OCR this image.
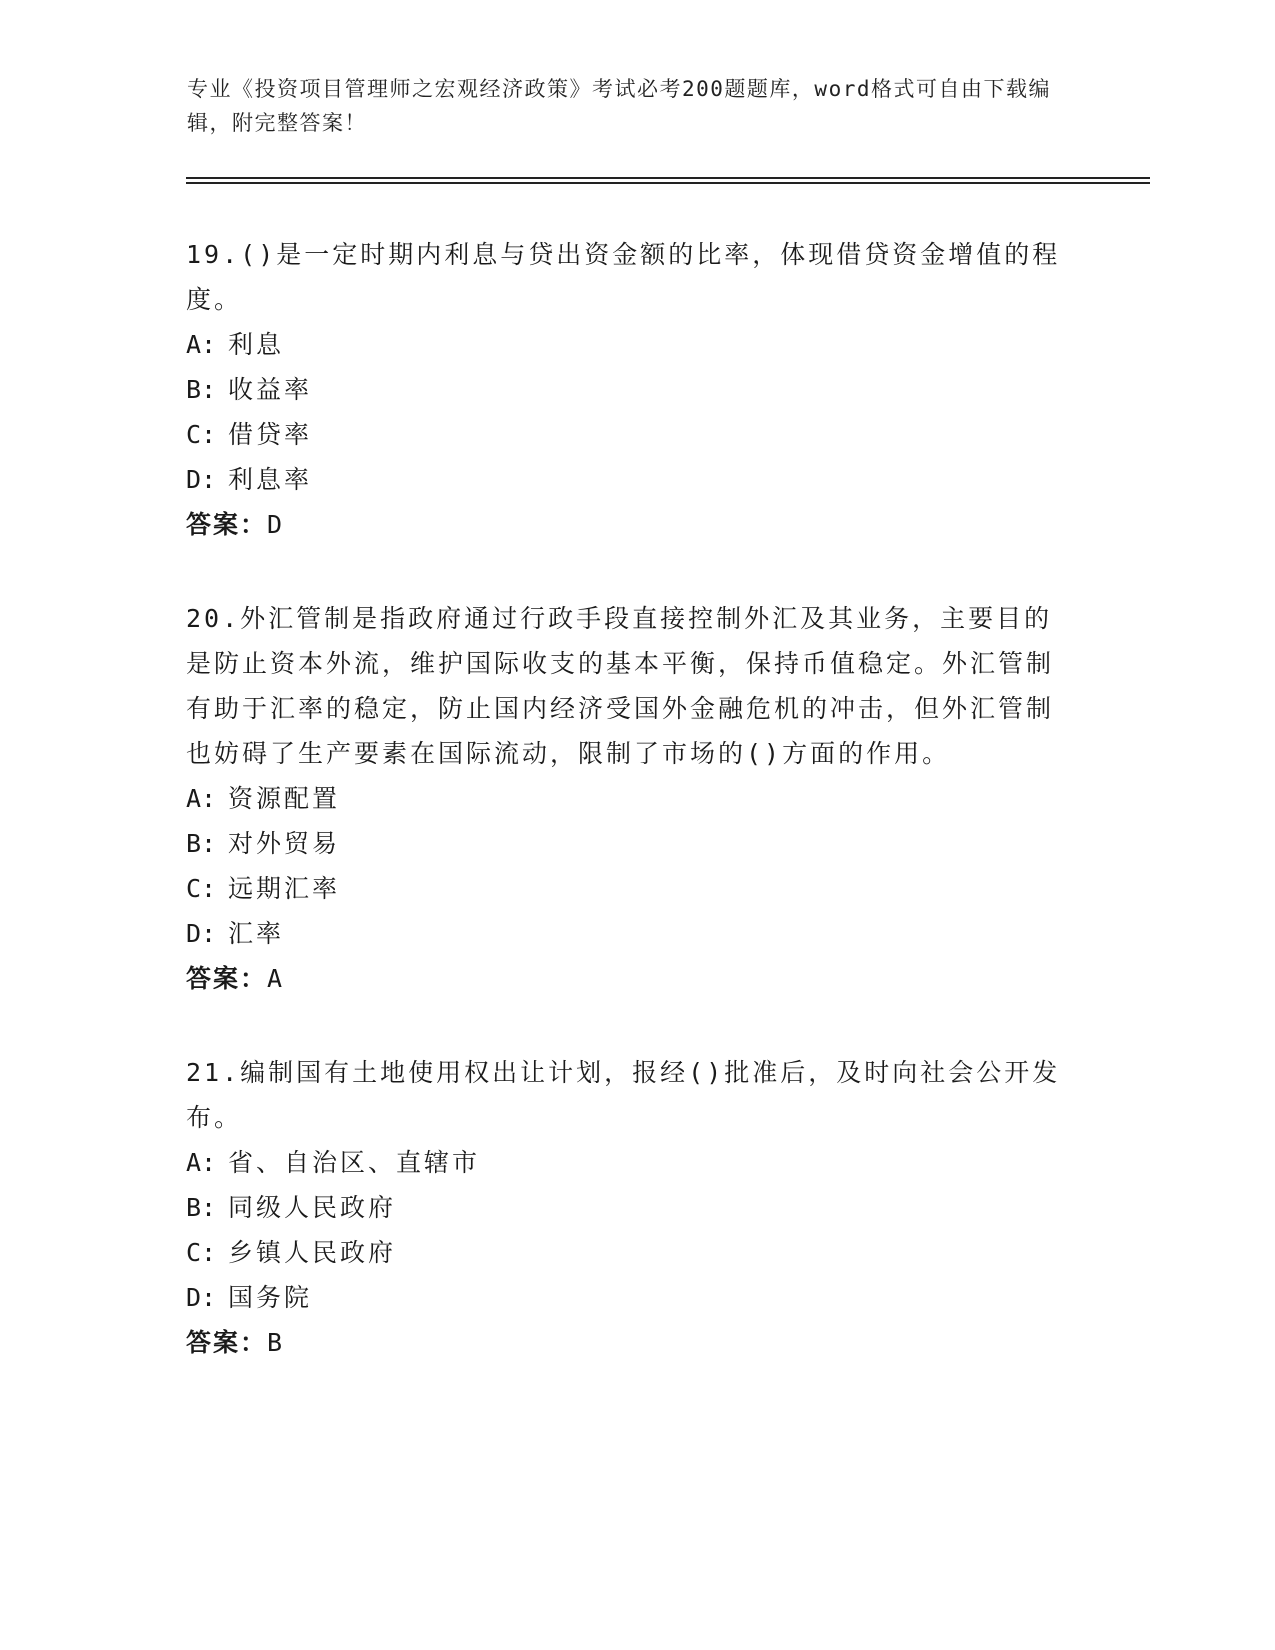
专业《投资项目管理师之宏观经济政策》考试必考200题题库，word格式可自由下载编辑，附完整答案！

19.()是一定时期内利息与贷出资金额的比率，体现借贷资金增值的程度。

A: 利息

B: 收益率

C: 借贷率

D: 利息率

答案：D

20.外汇管制是指政府通过行政手段直接控制外汇及其业务，主要目的是防止资本外流，维护国际收支的基本平衡，保持币值稳定。外汇管制有助于汇率的稳定，防止国内经济受国外金融危机的冲击，但外汇管制也妨碍了生产要素在国际流动，限制了市场的()方面的作用。

A: 资源配置

B: 对外贸易

C: 远期汇率

D: 汇率

答案：A

21.编制国有土地使用权出让计划，报经()批准后，及时向社会公开发布。

A: 省、自治区、直辖市

B: 同级人民政府

C: 乡镇人民政府

D: 国务院

答案：B
